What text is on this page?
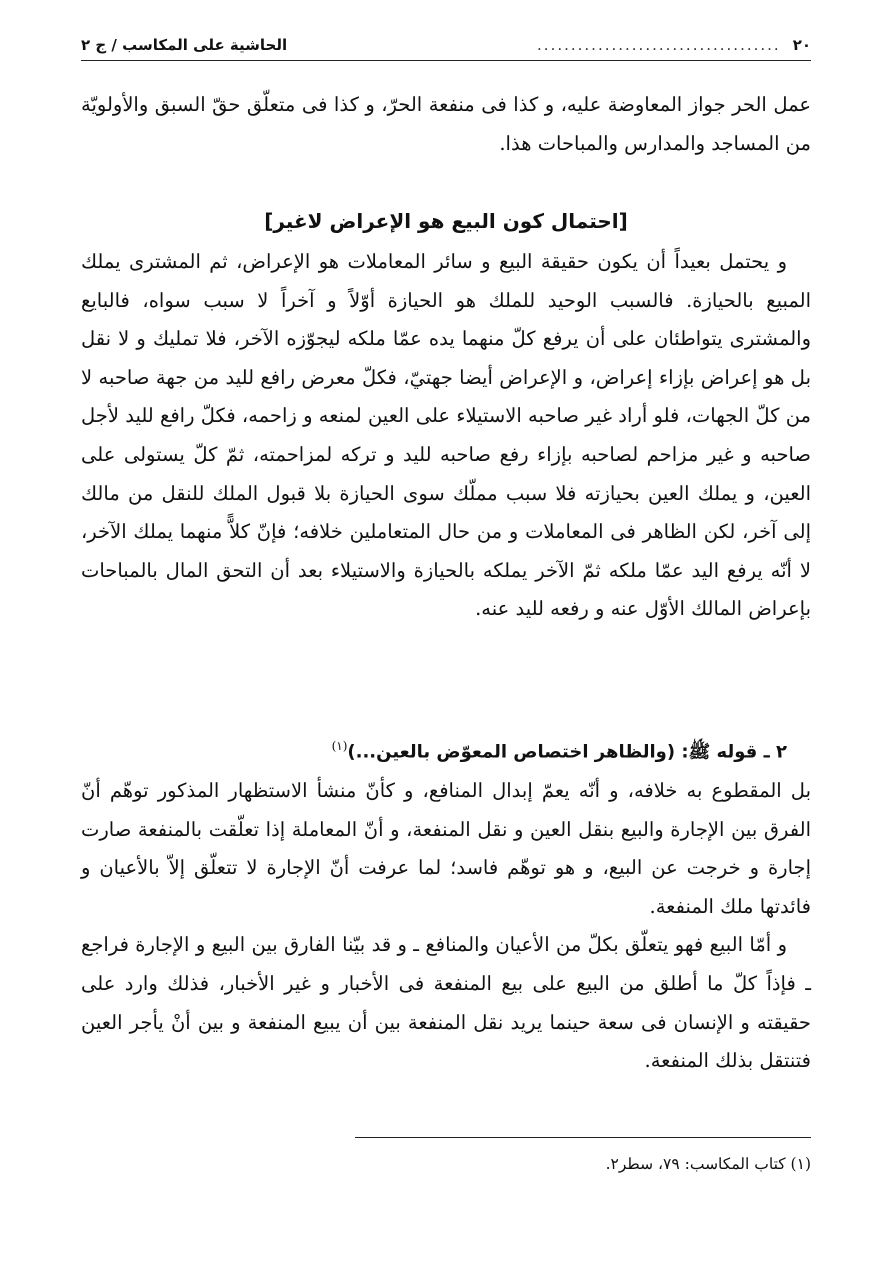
٢٠
....................................
الحاشية على المكاسب / ج ٢

عمل الحر جواز المعاوضة عليه، و كذا فى منفعة الحرّ، و كذا فى متعلّق حقّ السبق والأولويّة من المساجد والمدارس والمباحات هذا.

[احتمال كون البيع هو الإعراض لاغير]

و يحتمل بعيداً أن يكون حقيقة البيع و سائر المعاملات هو الإعراض، ثم المشترى يملك المبيع بالحيازة. فالسبب الوحيد للملك هو الحيازة أوّلاً و آخراً لا سبب سواه، فالبايع والمشترى يتواطئان على أن يرفع كلّ منهما يده عمّا ملكه ليجوّزه الآخر، فلا تمليك و لا نقل بل هو إعراض بإزاء إعراض، و الإعراض أيضا جهتيّ، فكلّ معرض رافع لليد من جهة صاحبه لا من كلّ الجهات، فلو أراد غير صاحبه الاستيلاء على العين لمنعه و زاحمه، فكلّ رافع لليد لأجل صاحبه و غير مزاحم لصاحبه بإزاء رفع صاحبه لليد و تركه لمزاحمته، ثمّ كلّ يستولى على العين، و يملك العين بحيازته فلا سبب مملّك سوى الحيازة بلا قبول الملك للنقل من مالك إلى آخر، لكن الظاهر فى المعاملات و من حال المتعاملين خلافه؛ فإنّ كلاًّ منهما يملك الآخر، لا أنّه يرفع اليد عمّا ملكه ثمّ الآخر يملكه بالحيازة والاستيلاء بعد أن التحق المال بالمباحات بإعراض المالك الأوّل عنه و رفعه لليد عنه.

٢ ـ قوله ﷺ: (والظاهر اختصاص المعوّض بالعين...)$^{(١)}$

بل المقطوع به خلافه، و أنّه يعمّ إبدال المنافع، و كأنّ منشأ الاستظهار المذكور توهّم أنّ الفرق بين الإجارة والبيع بنقل العين و نقل المنفعة، و أنّ المعاملة إذا تعلّقت بالمنفعة صارت إجارة و خرجت عن البيع، و هو توهّم فاسد؛ لما عرفت أنّ الإجارة لا تتعلّق إلاّ بالأعيان و فائدتها ملك المنفعة.

و أمّا البيع فهو يتعلّق بكلّ من الأعيان والمنافع ـ و قد بيّنا الفارق بين البيع و الإجارة فراجع ـ فإذاً كلّ ما أطلق من البيع على بيع المنفعة فى الأخبار و غير الأخبار، فذلك وارد على حقيقته و الإنسان فى سعة حينما يريد نقل المنفعة بين أن يبيع المنفعة و بين أنْ يأجر العين فتنتقل بذلك المنفعة.

(١) كتاب المكاسب: ٧٩، سطر٢.
